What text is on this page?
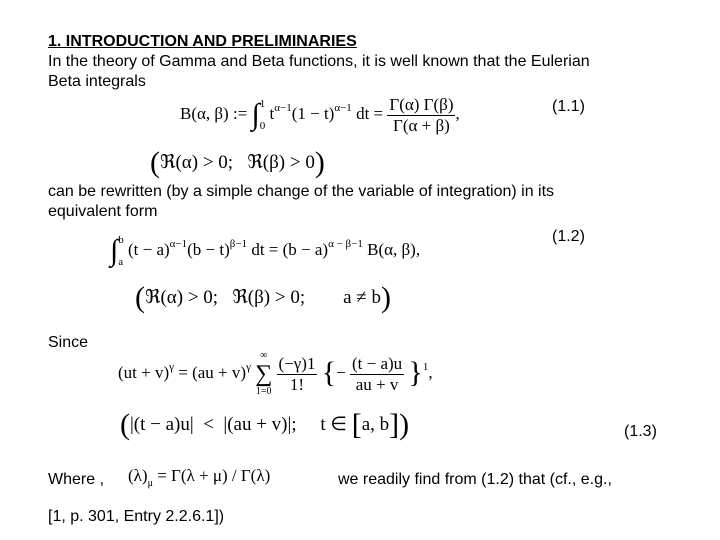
1. INTRODUCTION AND PRELIMINARIES
In the theory of Gamma and Beta functions, it is well known that the Eulerian
Beta integrals
(1.1)
B(α, β) := ∫ 1
0
$t^{\alpha-1}(1 - t)^{\alpha-1}$ dt = $\frac{\Gamma(\alpha) \Gamma(\beta)}{\Gamma(\alpha + \beta)}$ ,
(ℜ(α) > 0;   ℜ(β) > 0)
can be rewritten (by a simple change of the variable of integration) in its
equivalent form
∫ b
a
$(t - a)^{\alpha-1}(b - t)^{\beta-1}$ dt = $(b - a)^{\alpha - \beta-1}$ B(α, β),
(1.2)
(ℜ(α) > 0;   ℜ(β) > 0;        a ≠ b)
Since
(ut + v)$^\gamma$ = (au + v)$^\gamma$
∞
∑
1=0
$\frac{(-\gamma)1}{1!}$ {− $\frac{(t - a)u}{au + v} \}^1$,
(|(t − a)u|  <  |(au + v)|;     t ∈ [a, b])	(1.3)
Where , $(\lambda)_\mu = \Gamma(\lambda + \mu) / \Gamma(\lambda)$	we readily find from (1.2) that (cf., e.g.,
[1, p. 301, Entry 2.2.6.1])
